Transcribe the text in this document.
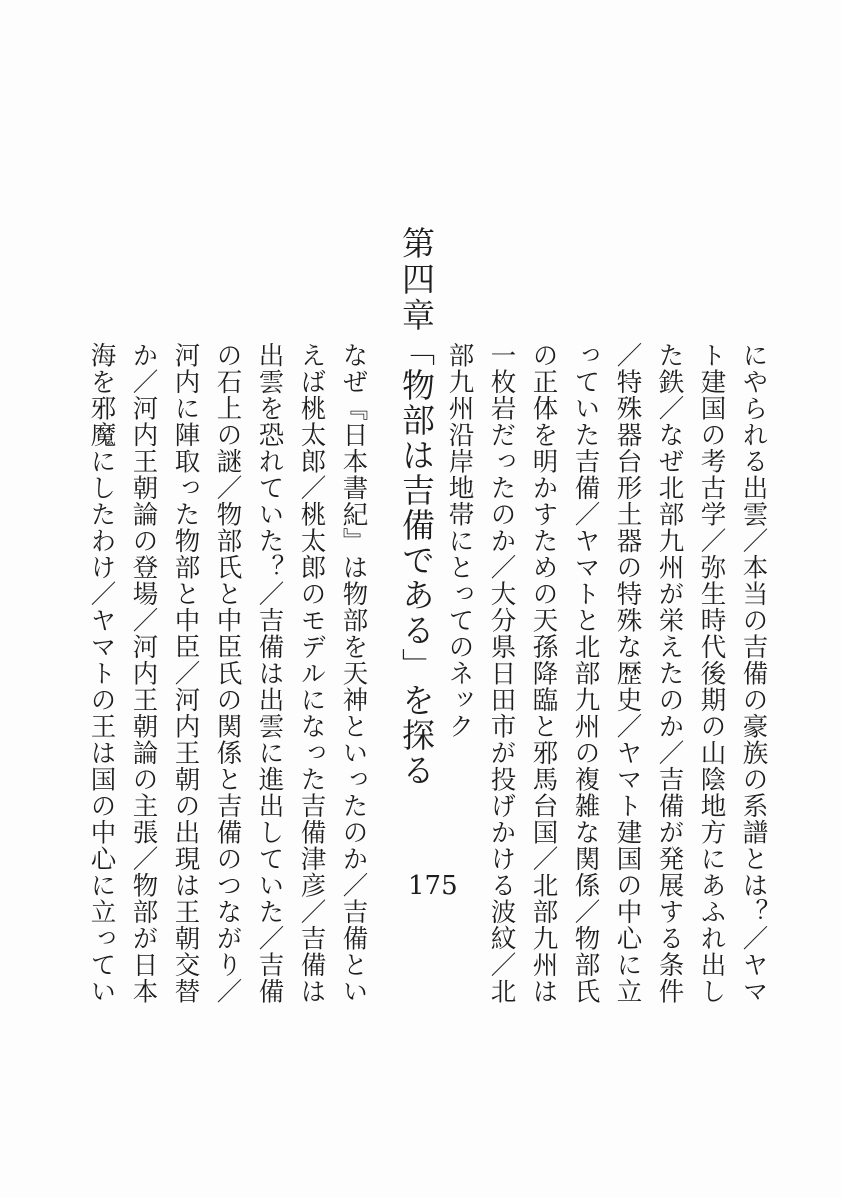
にやられる出雲／本当の吉備の豪族の系譜とは？／ヤマ
ト建国の考古学／弥生時代後期の山陰地方にあふれ出し
た鉄／なぜ北部九州が栄えたのか／吉備が発展する条件
／特殊器台形土器の特殊な歴史／ヤマト建国の中心に立
っていた吉備／ヤマトと北部九州の複雑な関係／物部氏
の正体を明かすための天孫降臨と邪馬台国／北部九州は
一枚岩だったのか／大分県日田市が投げかける波紋／北
部九州沿岸地帯にとってのネック
第四章
「物部は吉備である」を探る
なぜ『日本書紀』は物部を天神といったのか／吉備とい
えば桃太郎／桃太郎のモデルになった吉備津彦／吉備は
出雲を恐れていた？／吉備は出雲に進出していた／吉備
の石上の謎／物部氏と中臣氏の関係と吉備のつながり／
河内に陣取った物部と中臣／河内王朝の出現は王朝交替
か／河内王朝論の登場／河内王朝論の主張／物部が日本
海を邪魔にしたわけ／ヤマトの王は国の中心に立ってい	175
